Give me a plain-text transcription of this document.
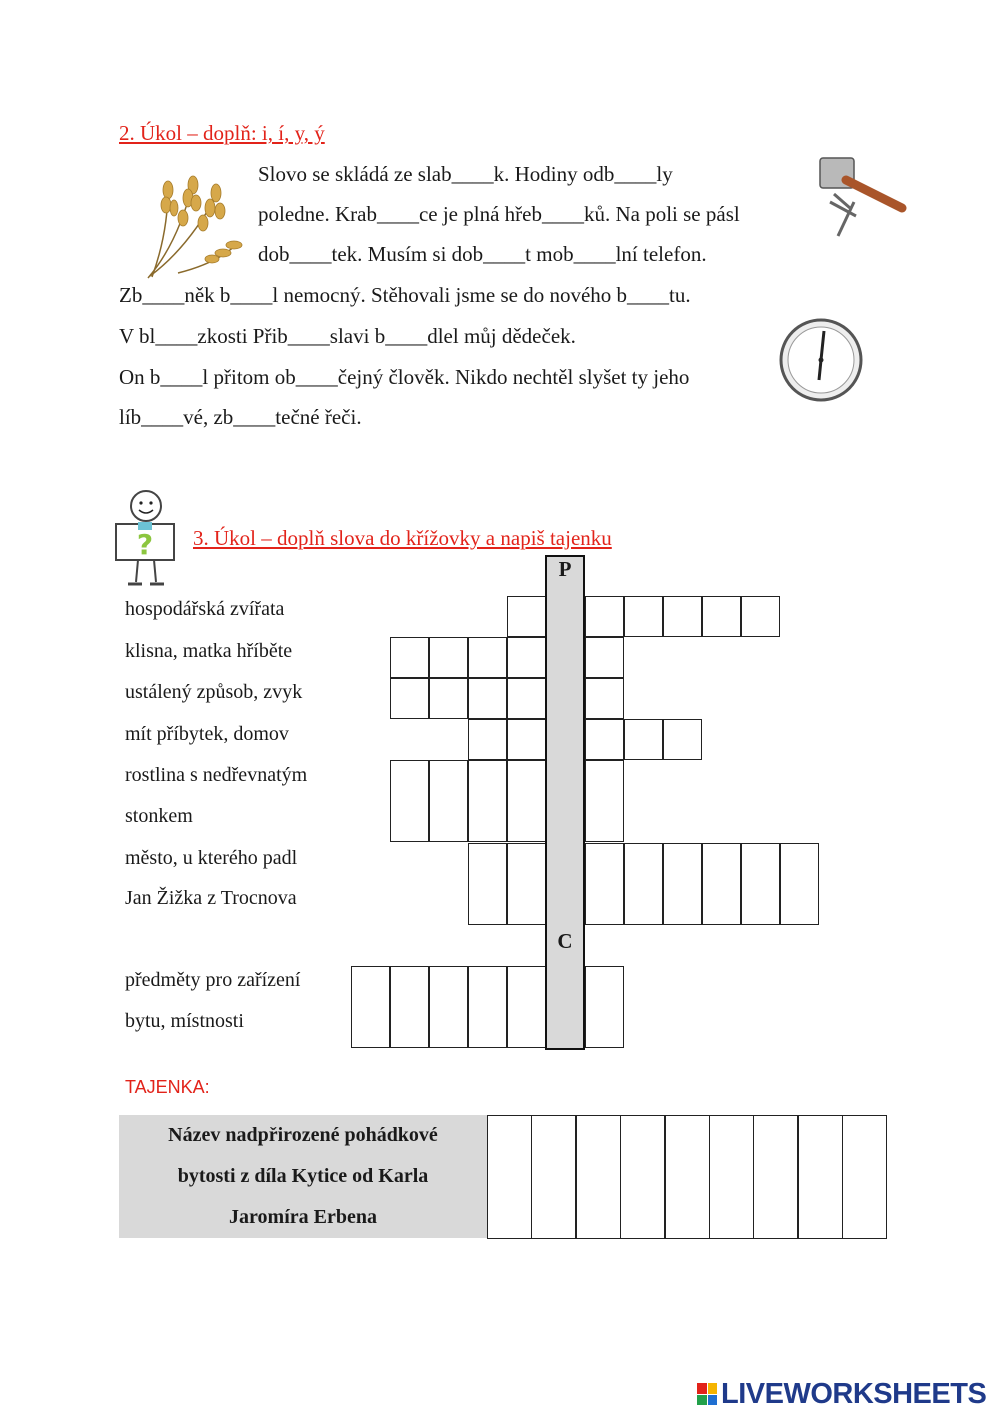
2. Úkol – doplň: i, í, y, ý
Slovo se skládá ze slab____k. Hodiny odb____ly
poledne. Krab____ce je plná hřeb____ků. Na poli se pásl
dob____tek. Musím si dob____t mob____lní telefon.
Zb____něk b____l nemocný. Stěhovali jsme se do nového b____tu.
V bl____zkosti Přib____slavi b____dlel můj dědeček.
On b____l přitom ob____čejný člověk. Nikdo nechtěl slyšet ty jeho
líb____vé, zb____tečné řeči.
? 3. Úkol – doplň slova do křížovky a napiš tajenku
hospodářská zvířata
klisna, matka hříběte
ustálený způsob, zvyk
mít příbytek, domov
rostlina s nedřevnatým
stonkem
město, u kterého padl
Jan Žižka z Trocnova
předměty pro zařízení
bytu, místnosti
P
C
TAJENKA:
Název nadpřirozené pohádkové
bytosti z díla Kytice od Karla
Jaromíra Erbena
LIVEWORKSHEETS
